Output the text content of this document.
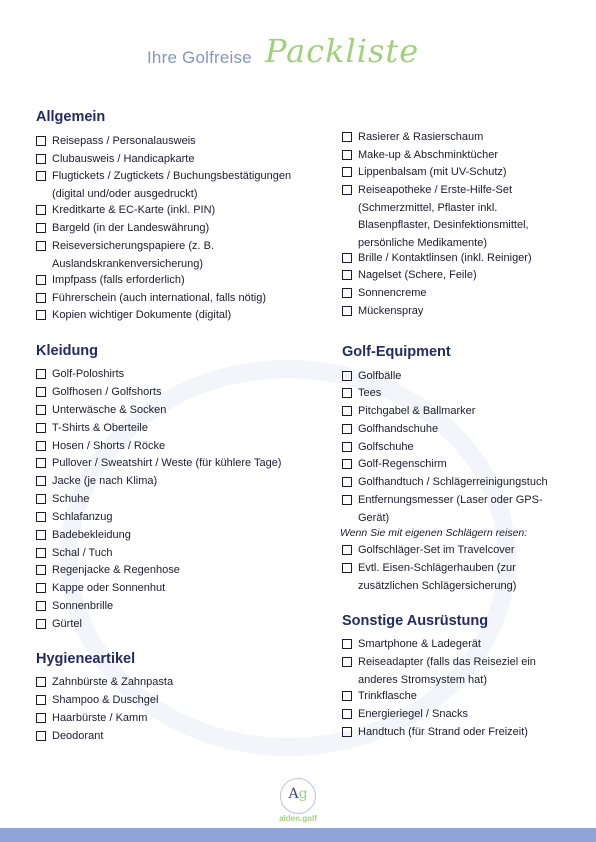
Ihre Golfreise Packliste
Allgemein
Reisepass / Personalausweis
Clubausweis / Handicapkarte
Flugtickets / Zugtickets / Buchungsbestätigungen (digital und/oder ausgedruckt)
Kreditkarte & EC-Karte (inkl. PIN)
Bargeld (in der Landeswährung)
Reiseversicherungspapiere (z. B. Auslandskrankenversicherung)
Impfpass (falls erforderlich)
Führerschein (auch international, falls nötig)
Kopien wichtiger Dokumente (digital)
Kleidung
Golf-Poloshirts
Golfhosen / Golfshorts
Unterwäsche & Socken
T-Shirts & Oberteile
Hosen / Shorts / Röcke
Pullover / Sweatshirt / Weste (für kühlere Tage)
Jacke (je nach Klima)
Schuhe
Schlafanzug
Badebekleidung
Schal / Tuch
Regenjacke & Regenhose
Kappe oder Sonnenhut
Sonnenbrille
Gürtel
Hygieneartikel
Zahnbürste & Zahnpasta
Shampoo & Duschgel
Haarbürste / Kamm
Deodorant
Rasierer & Rasierschaum
Make-up & Abschminktücher
Lippenbalsam (mit UV-Schutz)
Reiseapotheke / Erste-Hilfe-Set (Schmerzmittel, Pflaster inkl. Blasenpflaster, Desinfektionsmittel, persönliche Medikamente)
Brille / Kontaktlinsen (inkl. Reiniger)
Nagelset (Schere, Feile)
Sonnencreme
Mückenspray
Golf-Equipment
Golfbälle
Tees
Pitchgabel & Ballmarker
Golfhandschuhe
Golfschuhe
Golf-Regenschirm
Golfhandtuch / Schlägerreinigungstuch
Entfernungsmesser (Laser oder GPS-Gerät)
Wenn Sie mit eigenen Schlägern reisen:
Golfschläger-Set im Travelcover
Evtl. Eisen-Schlägerhauben (zur zusätzlichen Schlägersicherung)
Sonstige Ausrüstung
Smartphone & Ladegerät
Reiseadapter (falls das Reiseziel ein anderes Stromsystem hat)
Trinkflasche
Energieriegel / Snacks
Handtuch (für Strand oder Freizeit)
Ag
alden.golf
